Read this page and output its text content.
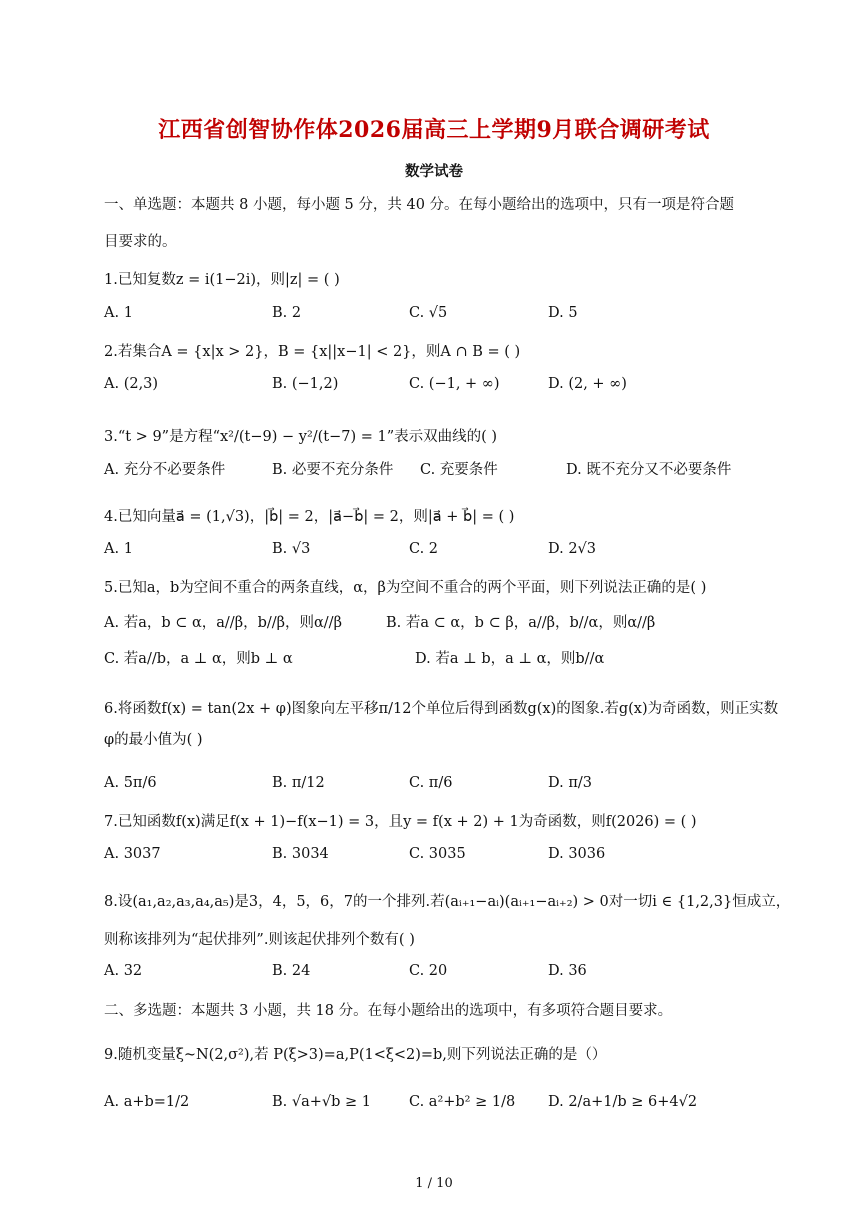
江西省创智协作体2026届高三上学期9月联合调研考试
数学试卷
一、单选题：本题共 8 小题，每小题 5 分，共 40 分。在每小题给出的选项中，只有一项是符合题
目要求的。
1.已知复数z = i(1−2i)，则|z| = ( )
A. 1	B. 2	C. √5	D. 5
2.若集合A = {x|x > 2}，B = {x||x−1| < 2}，则A ∩ B = ( )
A. (2,3)	B. (−1,2)	C. (−1, + ∞)	D. (2, + ∞)
3.“t > 9”是方程“x²/(t−9) − y²/(t−7) = 1”表示双曲线的( )
A. 充分不必要条件	B. 必要不充分条件 C. 充要条件	D. 既不充分又不必要条件
4.已知向量a⃗ = (1,√3)，|b⃗| = 2，|a⃗−b⃗| = 2，则|a⃗ + b⃗| = ( )
A. 1	B. √3	C. 2	D. 2√3
5.已知a，b为空间不重合的两条直线，α，β为空间不重合的两个平面，则下列说法正确的是( )
A. 若a，b ⊂ α，a//β，b//β，则α//β	B. 若a ⊂ α，b ⊂ β，a//β，b//α，则α//β
C. 若a//b，a ⊥ α，则b ⊥ α	D. 若a ⊥ b，a ⊥ α，则b//α
6.将函数f(x) = tan(2x + φ)图象向左平移π/12个单位后得到函数g(x)的图象.若g(x)为奇函数，则正实数
φ的最小值为( )
A. 5π/6	B. π/12	C. π/6	D. π/3
7.已知函数f(x)满足f(x + 1)−f(x−1) = 3，且y = f(x + 2) + 1为奇函数，则f(2026) = ( )
A. 3037	B. 3034	C. 3035	D. 3036
8.设(a₁,a₂,a₃,a₄,a₅)是3，4，5，6，7的一个排列.若(aᵢ₊₁−aᵢ)(aᵢ₊₁−aᵢ₊₂) > 0对一切i ∈ {1,2,3}恒成立，
则称该排列为“起伏排列”.则该起伏排列个数有( )
A. 32	B. 24	C. 20	D. 36
二、多选题：本题共 3 小题，共 18 分。在每小题给出的选项中，有多项符合题目要求。
9.随机变量ξ~N(2,σ²),若 P(ξ>3)=a,P(1<ξ<2)=b,则下列说法正确的是（）
A. a+b=1/2	B. √a+√b ≥ 1	C. a²+b² ≥ 1/8 D. 2/a+1/b ≥ 6+4√2
1 / 10
